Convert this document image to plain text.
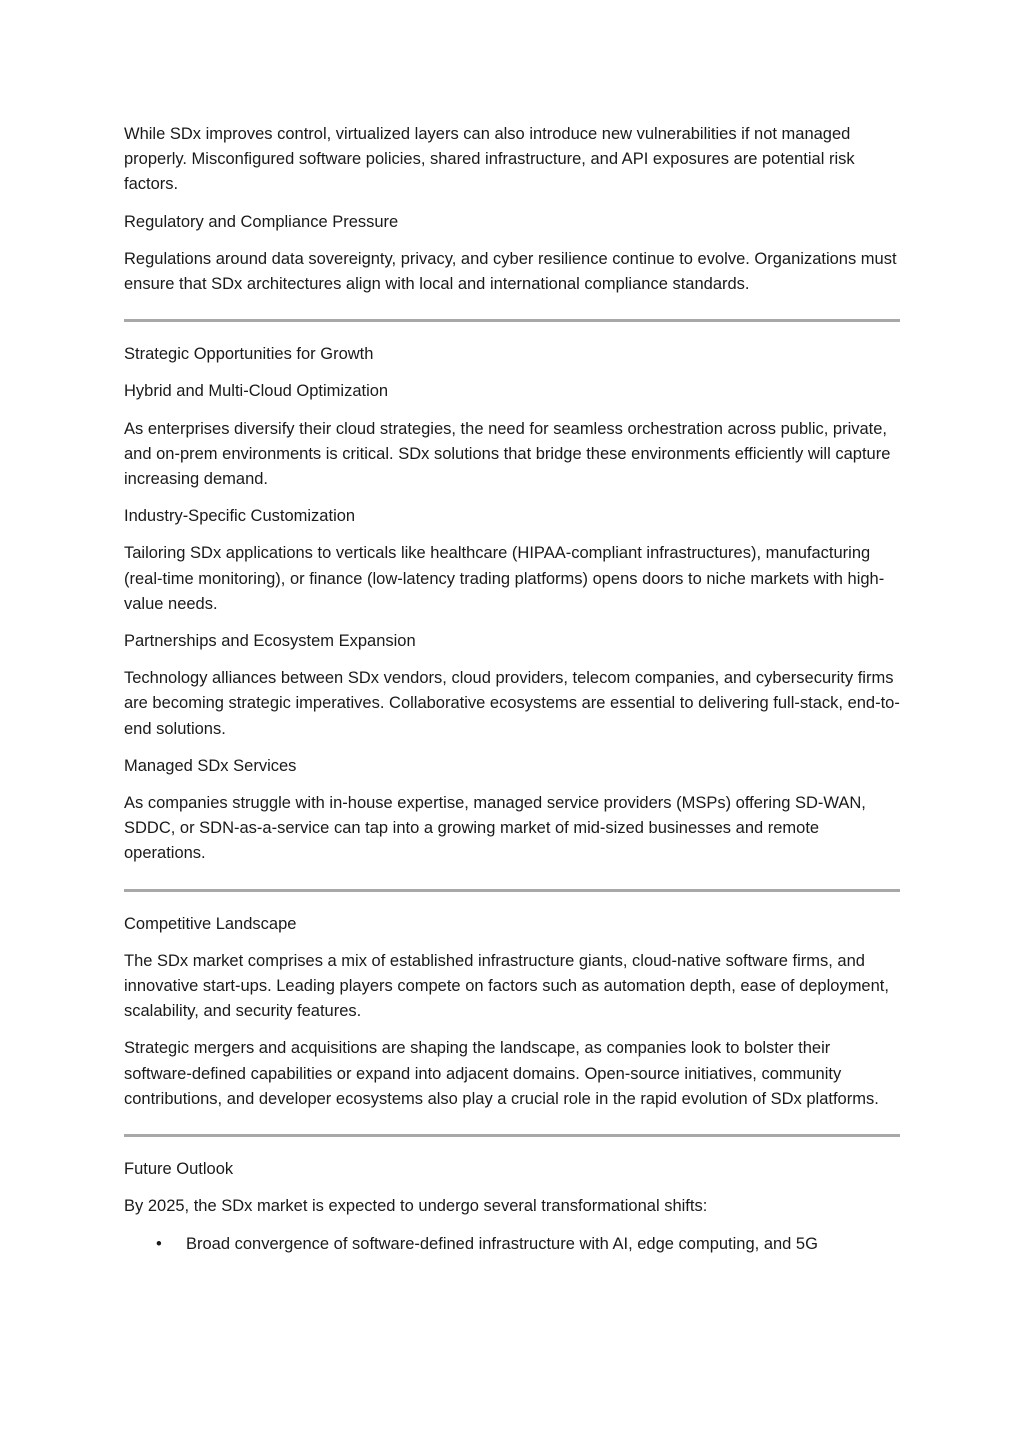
While SDx improves control, virtualized layers can also introduce new vulnerabilities if not managed properly. Misconfigured software policies, shared infrastructure, and API exposures are potential risk factors.

Regulatory and Compliance Pressure

Regulations around data sovereignty, privacy, and cyber resilience continue to evolve. Organizations must ensure that SDx architectures align with local and international compliance standards.

Strategic Opportunities for Growth

Hybrid and Multi-Cloud Optimization

As enterprises diversify their cloud strategies, the need for seamless orchestration across public, private, and on-prem environments is critical. SDx solutions that bridge these environments efficiently will capture increasing demand.

Industry-Specific Customization

Tailoring SDx applications to verticals like healthcare (HIPAA-compliant infrastructures), manufacturing (real-time monitoring), or finance (low-latency trading platforms) opens doors to niche markets with high-value needs.

Partnerships and Ecosystem Expansion

Technology alliances between SDx vendors, cloud providers, telecom companies, and cybersecurity firms are becoming strategic imperatives. Collaborative ecosystems are essential to delivering full-stack, end-to-end solutions.

Managed SDx Services

As companies struggle with in-house expertise, managed service providers (MSPs) offering SD-WAN, SDDC, or SDN-as-a-service can tap into a growing market of mid-sized businesses and remote operations.

Competitive Landscape

The SDx market comprises a mix of established infrastructure giants, cloud-native software firms, and innovative start-ups. Leading players compete on factors such as automation depth, ease of deployment, scalability, and security features.

Strategic mergers and acquisitions are shaping the landscape, as companies look to bolster their software-defined capabilities or expand into adjacent domains. Open-source initiatives, community contributions, and developer ecosystems also play a crucial role in the rapid evolution of SDx platforms.

Future Outlook

By 2025, the SDx market is expected to undergo several transformational shifts:

• Broad convergence of software-defined infrastructure with AI, edge computing, and 5G
